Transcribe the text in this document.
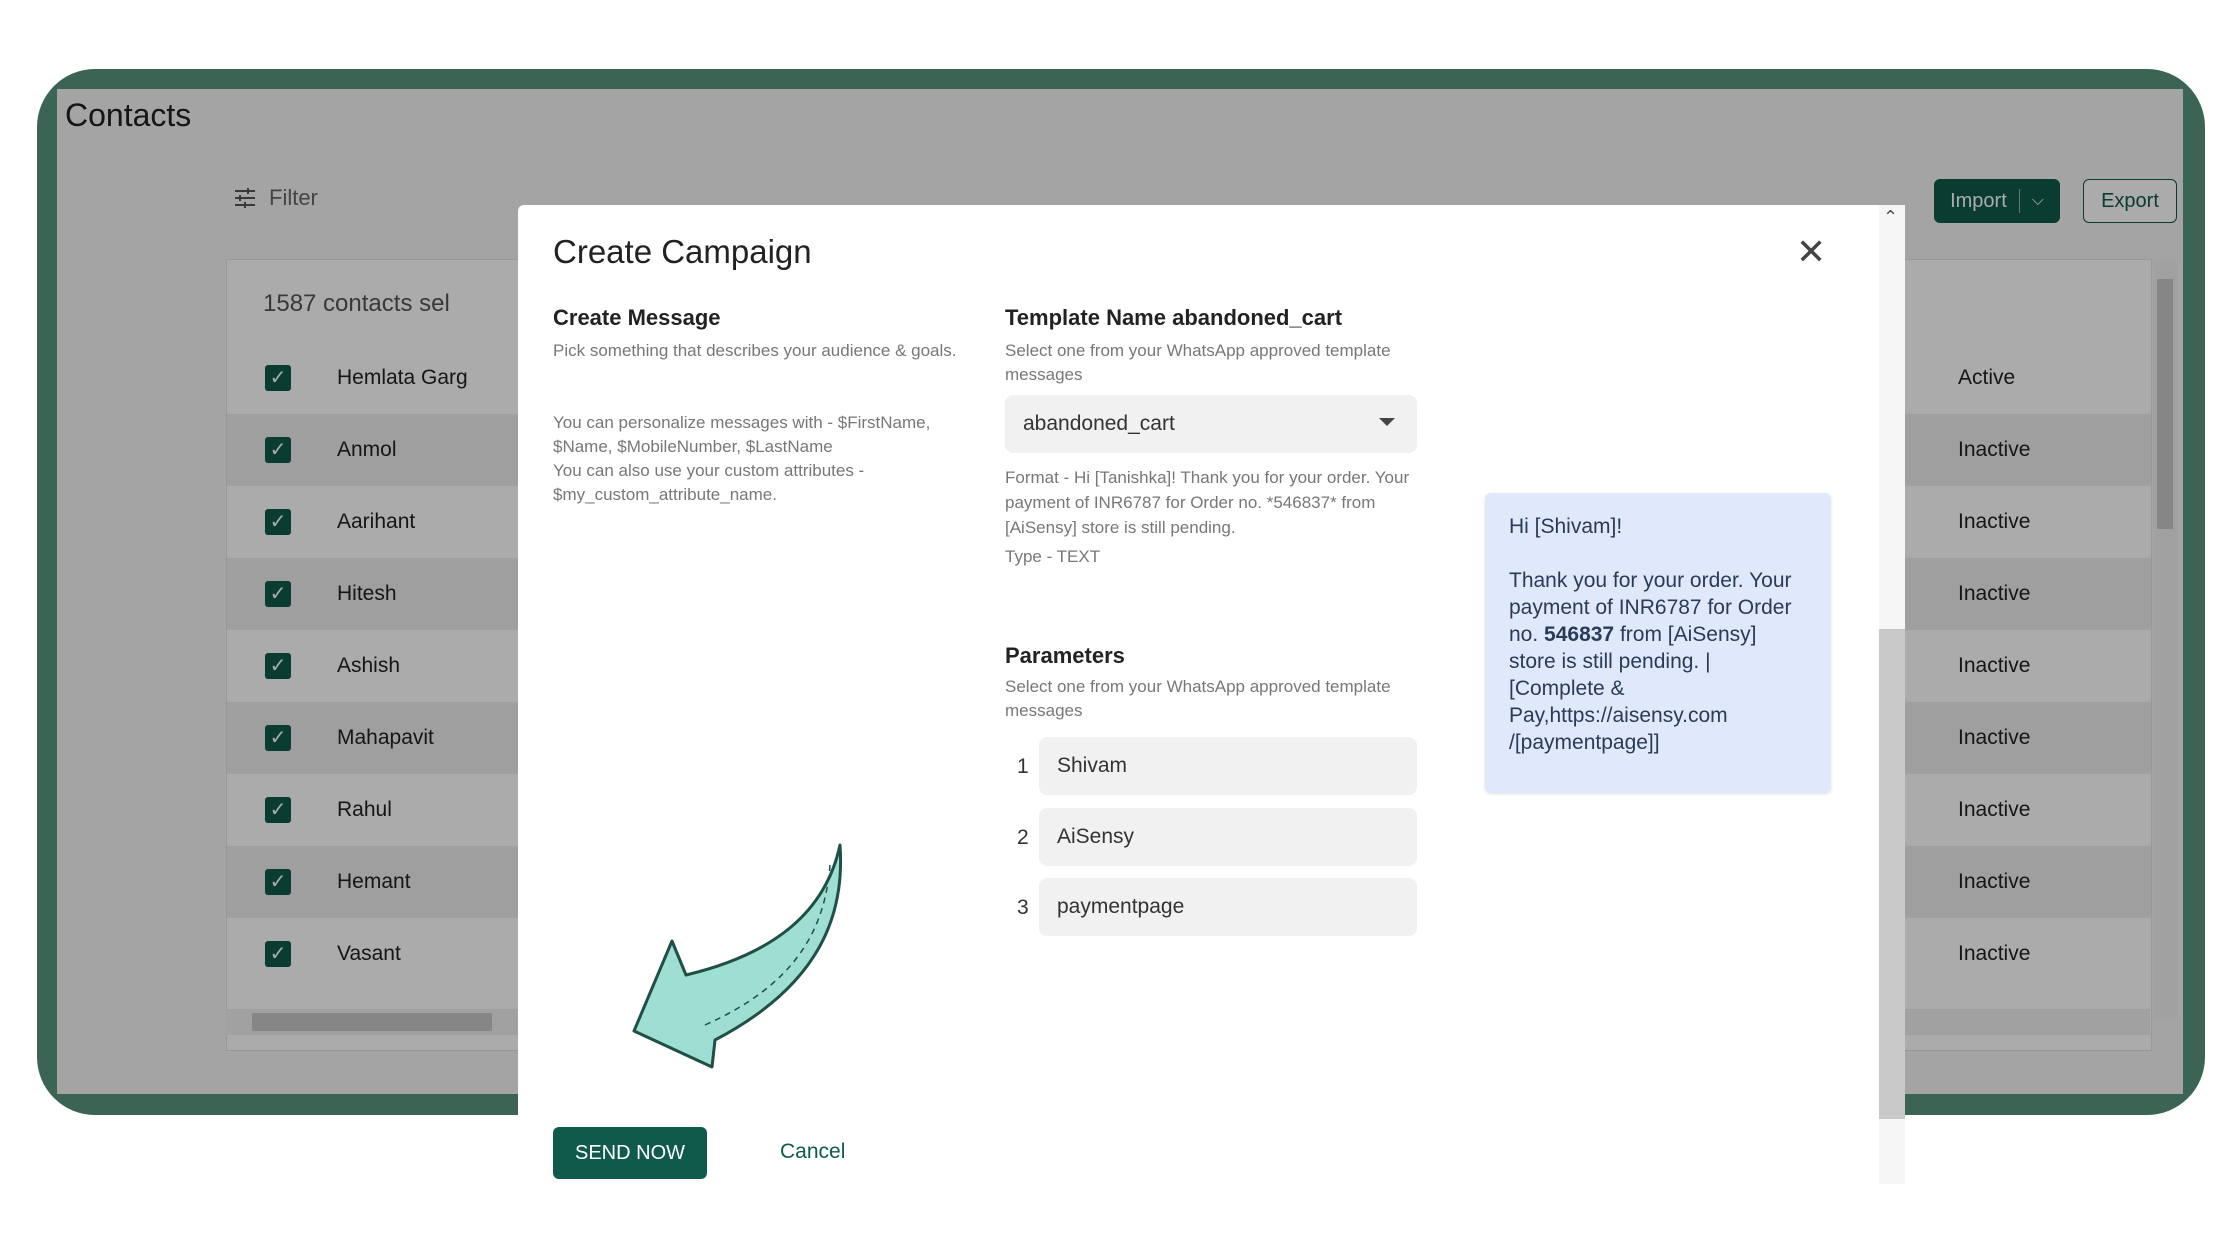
Contacts
Filter	Import ⌵	Export
1587 contacts sel
✓ Hemlata Garg	Active
✓ Anmol	Inactive
✓ Aarihant	Inactive
✓ Hitesh	Inactive
✓ Ashish	Inactive
✓ Mahapavit	Inactive
✓ Rahul	Inactive
✓ Hemant	Inactive
✓ Vasant	Inactive
⌃
Create Campaign	✕
Create Message
Pick something that describes your audience & goals.
You can personalize messages with - $FirstName, $Name, $MobileNumber, $LastName
You can also use your custom attributes - $my_custom_attribute_name.
Template Name abandoned_cart
Select one from your WhatsApp approved template messages
abandoned_cart
Format - Hi [Tanishka]! Thank you for your order. Your payment of INR6787 for Order no. *546837* from [AiSensy] store is still pending.
Type - TEXT
Parameters
Select one from your WhatsApp approved template messages
1 Shivam
2 AiSensy
3 paymentpage

Hi [Shivam]!

Thank you for your order. Your payment of INR6787 for Order no. 546837 from [AiSensy] store is still pending. | [Complete & Pay,https://aisensy.com /[paymentpage]]

SEND NOW	Cancel
